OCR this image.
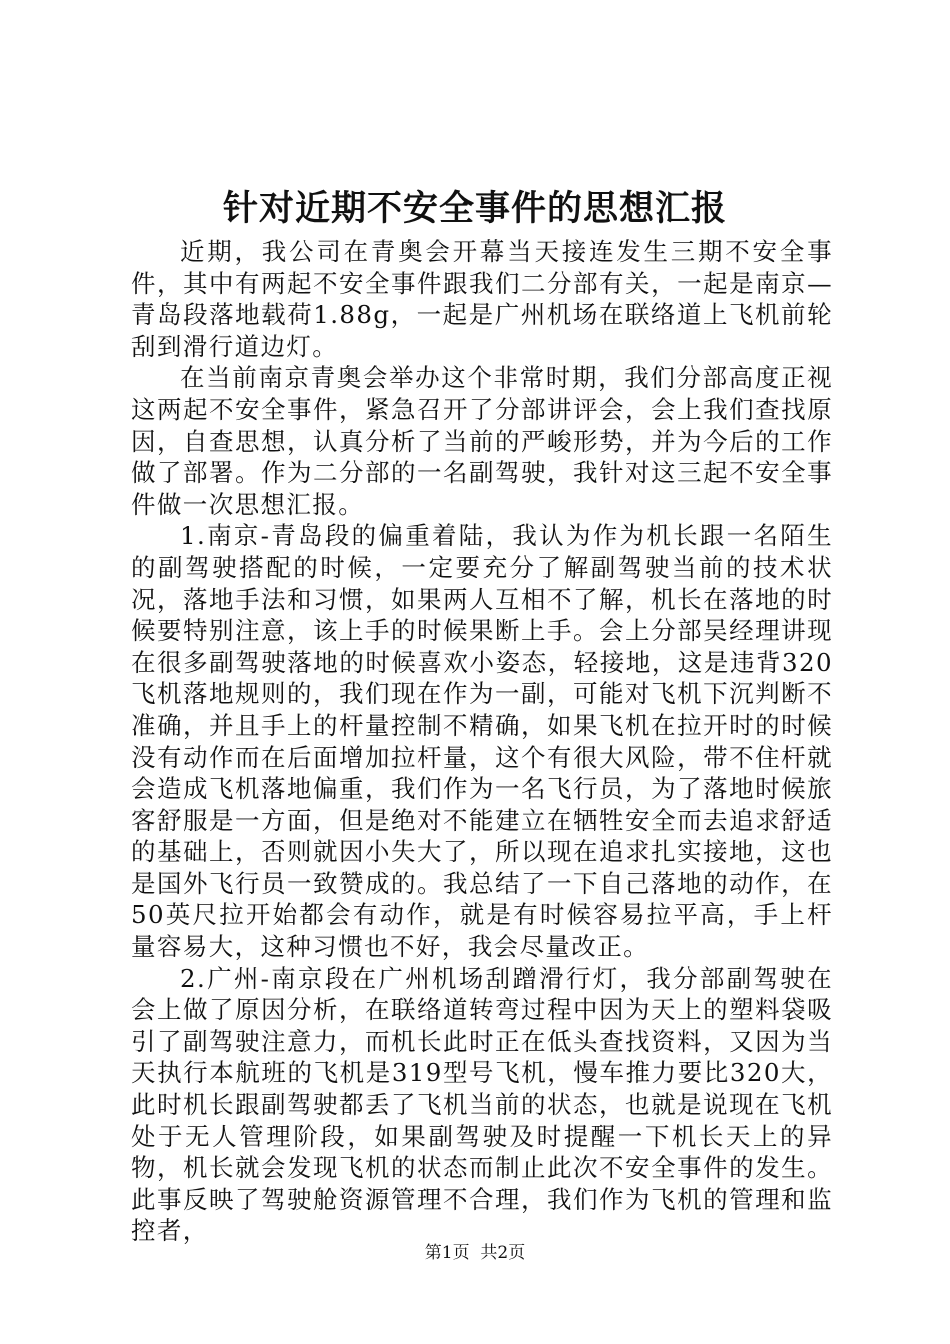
针对近期不安全事件的思想汇报

近期，我公司在青奥会开幕当天接连发生三期不安全事件，其中有两起不安全事件跟我们二分部有关，一起是南京—青岛段落地载荷1.88g，一起是广州机场在联络道上飞机前轮刮到滑行道边灯。

在当前南京青奥会举办这个非常时期，我们分部高度正视这两起不安全事件，紧急召开了分部讲评会，会上我们查找原因，自查思想，认真分析了当前的严峻形势，并为今后的工作做了部署。作为二分部的一名副驾驶，我针对这三起不安全事件做一次思想汇报。

1.南京-青岛段的偏重着陆，我认为作为机长跟一名陌生的副驾驶搭配的时候，一定要充分了解副驾驶当前的技术状况，落地手法和习惯，如果两人互相不了解，机长在落地的时候要特别注意，该上手的时候果断上手。会上分部吴经理讲现在很多副驾驶落地的时候喜欢小姿态，轻接地，这是违背320飞机落地规则的，我们现在作为一副，可能对飞机下沉判断不准确，并且手上的杆量控制不精确，如果飞机在拉开时的时候没有动作而在后面增加拉杆量，这个有很大风险，带不住杆就会造成飞机落地偏重，我们作为一名飞行员，为了落地时候旅客舒服是一方面，但是绝对不能建立在牺牲安全而去追求舒适的基础上，否则就因小失大了，所以现在追求扎实接地，这也是国外飞行员一致赞成的。我总结了一下自己落地的动作，在50英尺拉开始都会有动作，就是有时候容易拉平高，手上杆量容易大，这种习惯也不好，我会尽量改正。

2.广州-南京段在广州机场刮蹭滑行灯，我分部副驾驶在会上做了原因分析，在联络道转弯过程中因为天上的塑料袋吸引了副驾驶注意力，而机长此时正在低头查找资料，又因为当天执行本航班的飞机是319型号飞机，慢车推力要比320大，此时机长跟副驾驶都丢了飞机当前的状态，也就是说现在飞机处于无人管理阶段，如果副驾驶及时提醒一下机长天上的异物，机长就会发现飞机的状态而制止此次不安全事件的发生。此事反映了驾驶舱资源管理不合理，我们作为飞机的管理和监控者，

第1页  共2页
